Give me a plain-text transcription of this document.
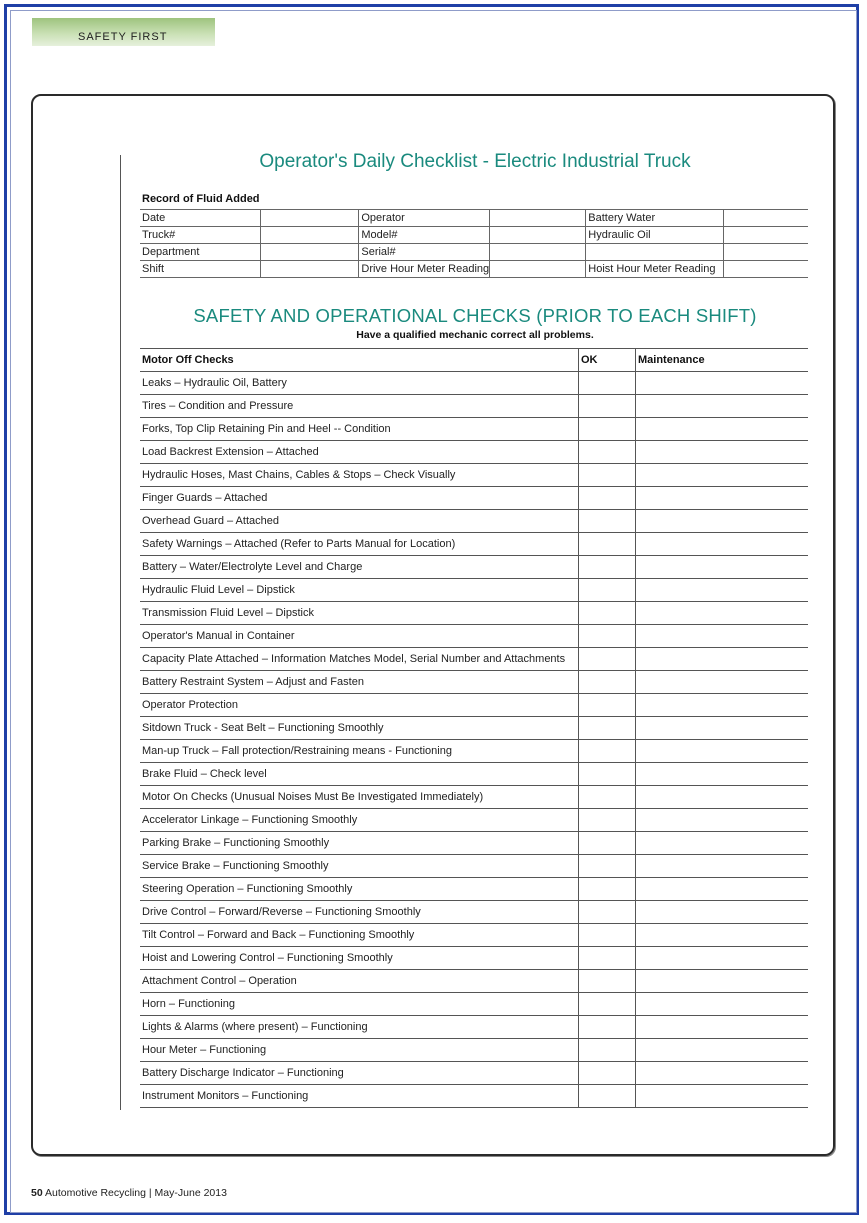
SAFETY FIRST
Operator's Daily Checklist - Electric Industrial Truck
Record of Fluid Added
Date		Operator		Battery Water	
Truck#		Model#		Hydraulic Oil	
Department		Serial#			
Shift		Drive Hour Meter Reading		Hoist Hour Meter Reading	
SAFETY AND OPERATIONAL CHECKS (PRIOR TO EACH SHIFT)
Have a qualified mechanic correct all problems.
Motor Off Checks	OK	Maintenance
Leaks – Hydraulic Oil, Battery		
Tires – Condition and Pressure		
Forks, Top Clip Retaining Pin and Heel -- Condition		
Load Backrest Extension – Attached		
Hydraulic Hoses, Mast Chains, Cables & Stops – Check Visually		
Finger Guards – Attached		
Overhead Guard – Attached		
Safety Warnings – Attached (Refer to Parts Manual for Location)		
Battery – Water/Electrolyte Level and Charge		
Hydraulic Fluid Level – Dipstick		
Transmission Fluid Level – Dipstick		
Operator's Manual in Container		
Capacity Plate Attached – Information Matches Model, Serial Number and Attachments		
Battery Restraint System – Adjust and Fasten		
Operator Protection		
Sitdown Truck - Seat Belt – Functioning Smoothly		
Man-up Truck – Fall protection/Restraining means - Functioning		
Brake Fluid – Check level		
Motor On Checks (Unusual Noises Must Be Investigated Immediately)		
Accelerator Linkage – Functioning Smoothly		
Parking Brake – Functioning Smoothly		
Service Brake – Functioning Smoothly		
Steering Operation – Functioning Smoothly		
Drive Control – Forward/Reverse – Functioning Smoothly		
Tilt Control – Forward and Back – Functioning Smoothly		
Hoist and Lowering Control – Functioning Smoothly		
Attachment Control – Operation		
Horn – Functioning		
Lights & Alarms (where present) – Functioning		
Hour Meter – Functioning		
Battery Discharge Indicator – Functioning		
Instrument Monitors – Functioning		
50 Automotive Recycling | May-June 2013
